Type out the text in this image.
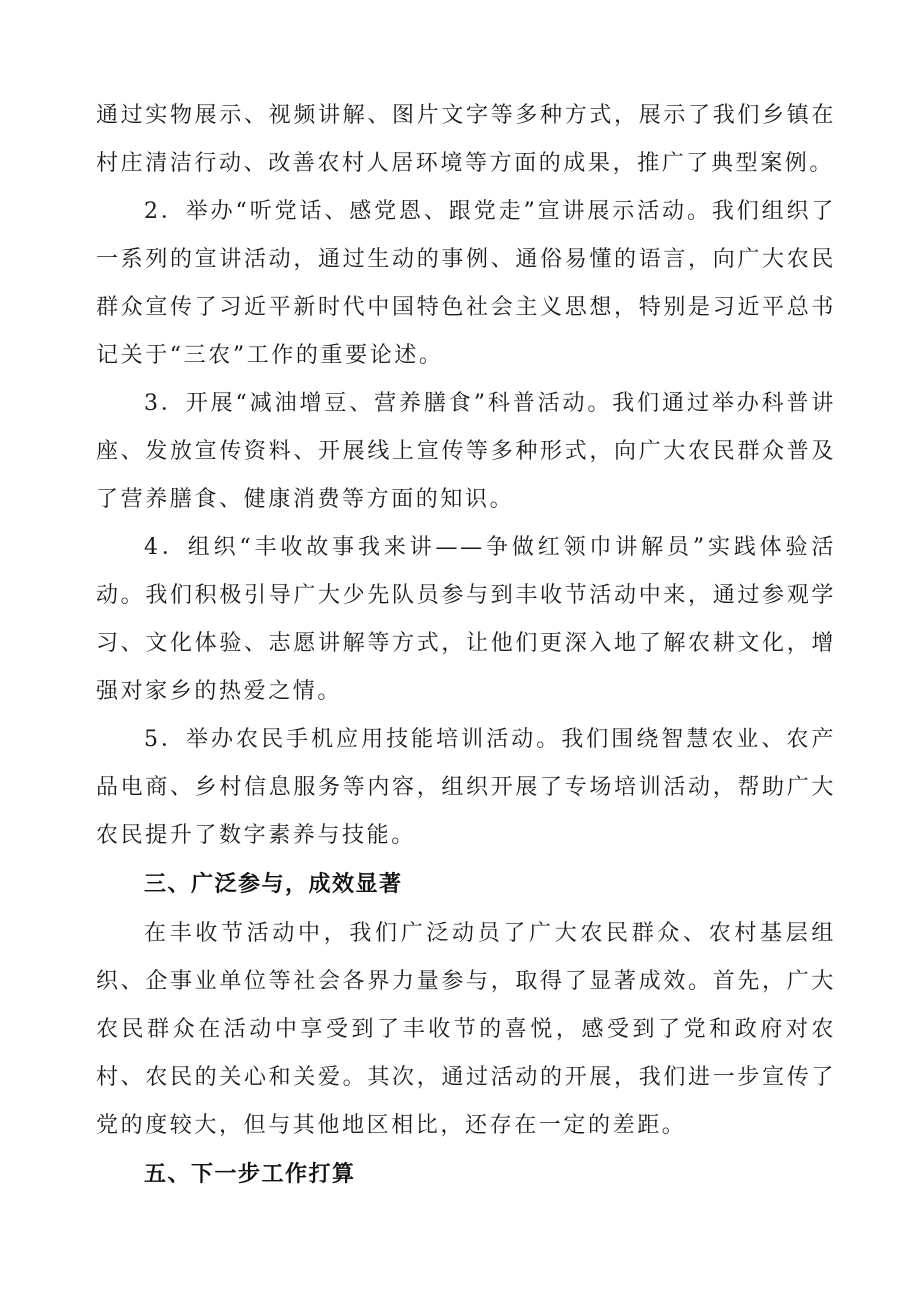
通过实物展示、视频讲解、图片文字等多种方式，展示了我们乡镇在村庄清洁行动、改善农村人居环境等方面的成果，推广了典型案例。

2．举办“听党话、感党恩、跟党走”宣讲展示活动。我们组织了一系列的宣讲活动，通过生动的事例、通俗易懂的语言，向广大农民群众宣传了习近平新时代中国特色社会主义思想，特别是习近平总书记关于“三农”工作的重要论述。

3．开展“减油增豆、营养膳食”科普活动。我们通过举办科普讲座、发放宣传资料、开展线上宣传等多种形式，向广大农民群众普及了营养膳食、健康消费等方面的知识。

4．组织“丰收故事我来讲——争做红领巾讲解员”实践体验活动。我们积极引导广大少先队员参与到丰收节活动中来，通过参观学习、文化体验、志愿讲解等方式，让他们更深入地了解农耕文化，增强对家乡的热爱之情。

5．举办农民手机应用技能培训活动。我们围绕智慧农业、农产品电商、乡村信息服务等内容，组织开展了专场培训活动，帮助广大农民提升了数字素养与技能。

三、广泛参与，成效显著

在丰收节活动中，我们广泛动员了广大农民群众、农村基层组织、企事业单位等社会各界力量参与，取得了显著成效。首先，广大农民群众在活动中享受到了丰收节的喜悦，感受到了党和政府对农村、农民的关心和关爱。其次，通过活动的开展，我们进一步宣传了党的度较大，但与其他地区相比，还存在一定的差距。

五、下一步工作打算
